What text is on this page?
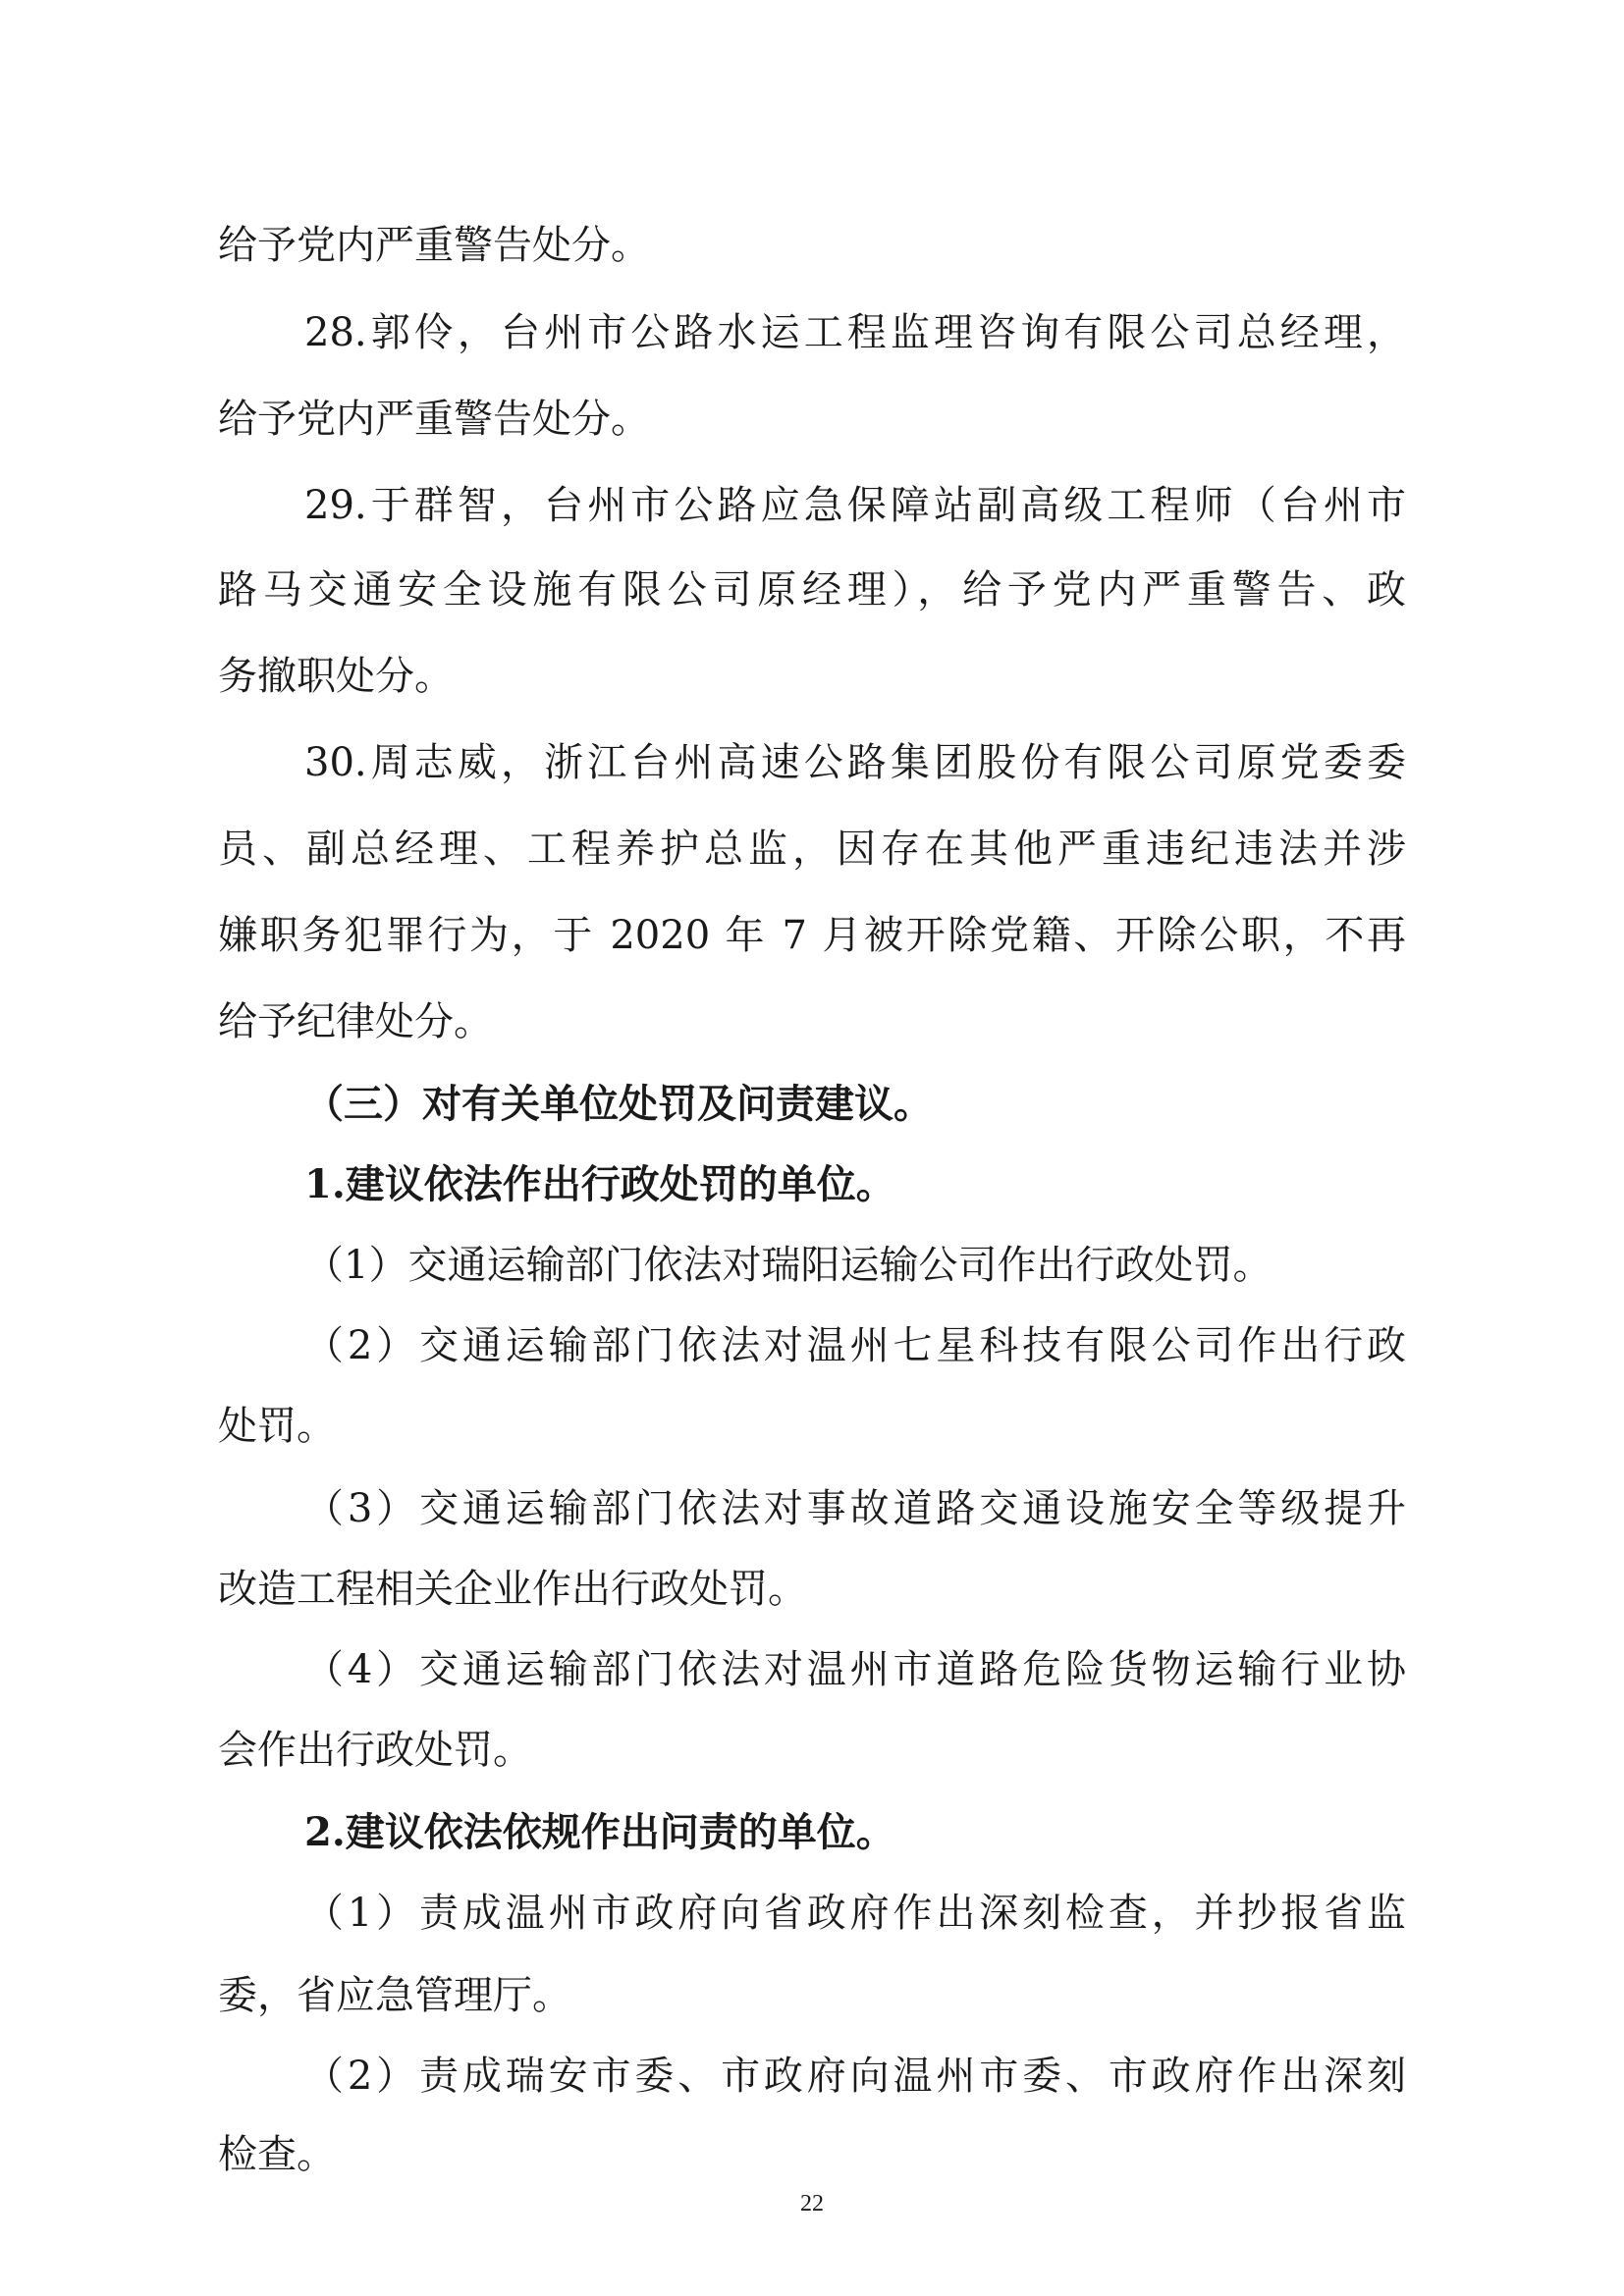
给予党内严重警告处分。
28.郭伶，台州市公路水运工程监理咨询有限公司总经理，
给予党内严重警告处分。
29.于群智，台州市公路应急保障站副高级工程师（台州市
路马交通安全设施有限公司原经理），给予党内严重警告、政
务撤职处分。
30.周志威，浙江台州高速公路集团股份有限公司原党委委
员、副总经理、工程养护总监，因存在其他严重违纪违法并涉
嫌职务犯罪行为，于 2020 年 7 月被开除党籍、开除公职，不再
给予纪律处分。
（三）对有关单位处罚及问责建议。
1.建议依法作出行政处罚的单位。
（1）交通运输部门依法对瑞阳运输公司作出行政处罚。
（2）交通运输部门依法对温州七星科技有限公司作出行政
处罚。
（3）交通运输部门依法对事故道路交通设施安全等级提升
改造工程相关企业作出行政处罚。
（4）交通运输部门依法对温州市道路危险货物运输行业协
会作出行政处罚。
2.建议依法依规作出问责的单位。
（1）责成温州市政府向省政府作出深刻检查，并抄报省监
委，省应急管理厅。
（2）责成瑞安市委、市政府向温州市委、市政府作出深刻
检查。
22
